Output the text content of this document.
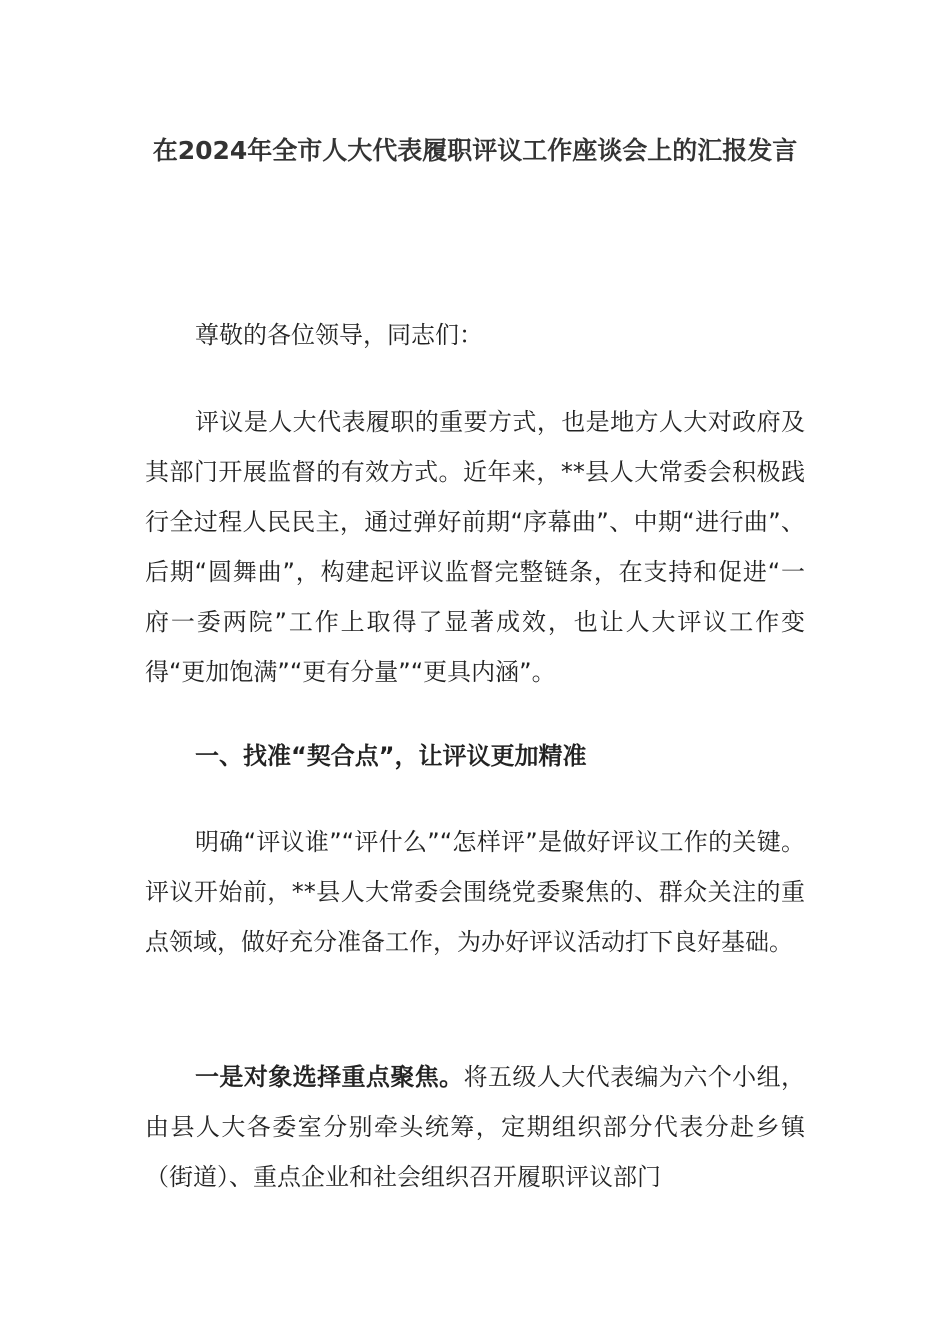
在2024年全市人大代表履职评议工作座谈会上的汇报发言
尊敬的各位领导，同志们：
评议是人大代表履职的重要方式，也是地方人大对政府及其部门开展监督的有效方式。近年来，**县人大常委会积极践行全过程人民民主，通过弹好前期“序幕曲”、中期“进行曲”、后期“圆舞曲”，构建起评议监督完整链条，在支持和促进“一府一委两院”工作上取得了显著成效，也让人大评议工作变得“更加饱满”“更有分量”“更具内涵”。
一、找准“契合点”，让评议更加精准
明确“评议谁”“评什么”“怎样评”是做好评议工作的关键。评议开始前，**县人大常委会围绕党委聚焦的、群众关注的重点领域，做好充分准备工作，为办好评议活动打下良好基础。
一是对象选择重点聚焦。将五级人大代表编为六个小组，由县人大各委室分别牵头统筹，定期组织部分代表分赴乡镇（街道）、重点企业和社会组织召开履职评议部门
